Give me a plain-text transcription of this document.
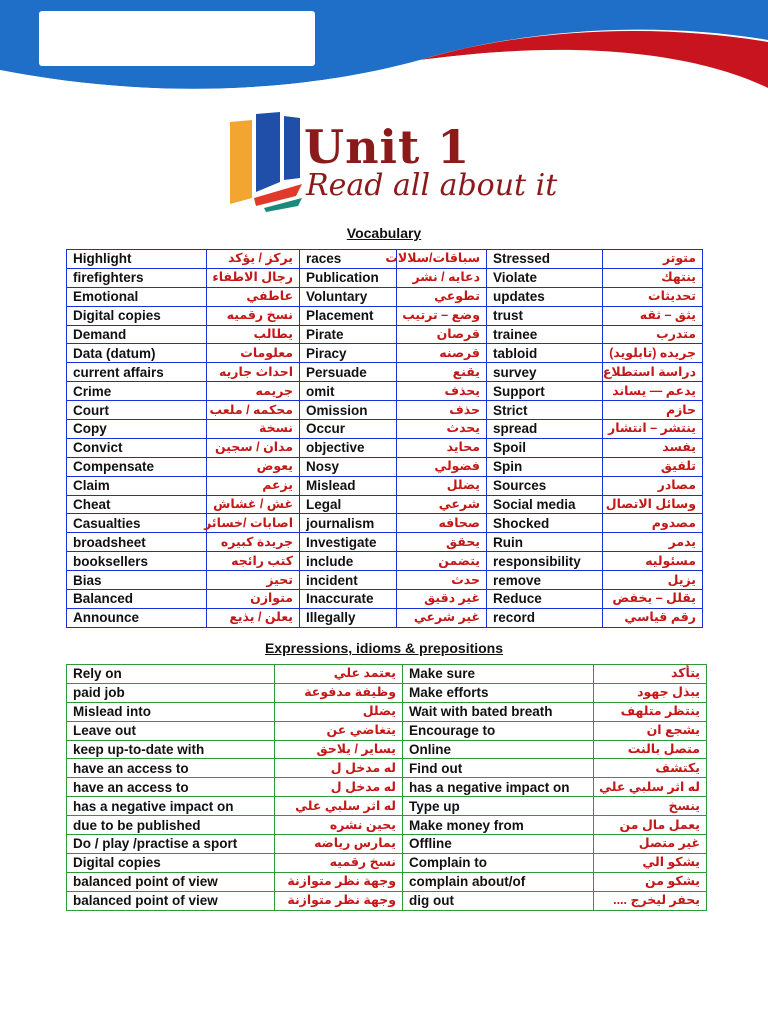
Unit 1
Read all about it
Vocabulary
Highlight	يركز / يؤكد	races	سباقات/سلالات	Stressed	متوتر
firefighters	رجال الاطفاء	Publication	دعايه / نشر	Violate	ينتهك
Emotional	عاطفي	Voluntary	تطوعي	updates	تحديثات
Digital copies	نسخ رقميه	Placement	وضع – ترتيب	trust	يثق – ثقه
Demand	يطالب	Pirate	قرصان	trainee	متدرب
Data (datum)	معلومات	Piracy	قرصنه	tabloid	جريده (تابلويد)
current affairs	احداث جاريه	Persuade	يقنع	survey	دراسة استطلاع
Crime	جريمه	omit	يحذف	Support	يدعم — يساند
Court	محكمه / ملعب	Omission	حذف	Strict	حازم
Copy	نسخة	Occur	يحدث	spread	ينتشر – انتشار
Convict	مدان / سجين	objective	محايد	Spoil	يفسد
Compensate	يعوض	Nosy	فضولي	Spin	تلفيق
Claim	يزعم	Mislead	يضلل	Sources	مصادر
Cheat	غش / غشاش	Legal	شرعي	Social media	وسائل الاتصال
Casualties	اصابات /خسائر	journalism	صحافه	Shocked	مصدوم
broadsheet	جريدة كبيره	Investigate	يحقق	Ruin	يدمر
booksellers	كتب رائجه	include	يتضمن	responsibility	مسئوليه
Bias	تحيز	incident	حدث	remove	يزيل
Balanced	متوازن	Inaccurate	غير دقيق	Reduce	يقلل – يخفض
Announce	يعلن / يذيع	Illegally	غير شرعي	record	رقم قياسي
Expressions, idioms & prepositions
Rely on	يعتمد علي	Make sure	يتأكد
paid job	وظيفة مدفوعة	Make efforts	يبذل جهود
Mislead into	يضلل	Wait with bated breath	ينتظر متلهف
Leave out	يتغاضي عن	Encourage to	يشجع ان
keep up-to-date with	يساير / يلاحق	Online	متصل بالنت
have an access to	له مدخل ل	Find out	يكتشف
have an access to	له مدخل ل	has a negative impact on	له اثر سلبي علي
has a negative impact on	له اثر سلبي علي	Type up	ينسخ
due to be published	يحين نشره	Make money from	يعمل مال من
Do / play /practise a sport	يمارس رياضه	Offline	غير متصل
Digital copies	نسخ رقميه	Complain to	يشكو الي
balanced point of view	وجهة نظر متوازنة	complain about/of	يشكو من
balanced point of view	وجهة نظر متوازنة	dig out	يحفر ليخرج ....
